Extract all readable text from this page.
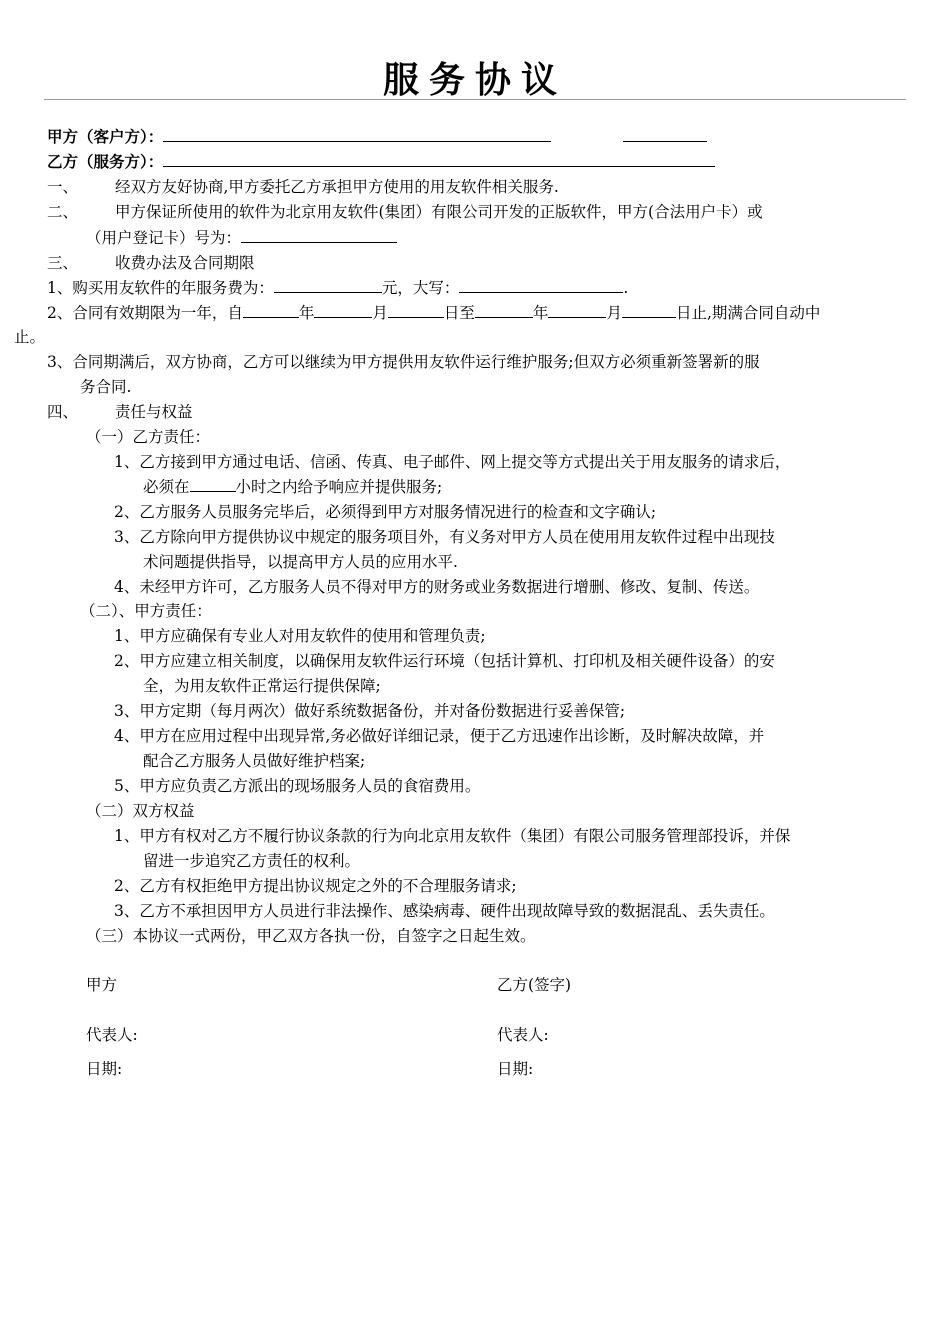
服务协议
甲方（客户方）：
乙方（服务方）：
一、 经双方友好协商,甲方委托乙方承担甲方使用的用友软件相关服务.
二、 甲方保证所使用的软件为北京用友软件(集团）有限公司开发的正版软件，甲方(合法用户卡）或
（用户登记卡）号为：
三、 收费办法及合同期限
1、购买用友软件的年服务费为：	元，大写：	.
2、合同有效期限为一年，自	年	月	日至	年	月	日止,期满合同自动中
止。
3、合同期满后，双方协商，乙方可以继续为甲方提供用友软件运行维护服务;但双方必须重新签署新的服
务合同.
四、 责任与权益
（一）乙方责任：
1、乙方接到甲方通过电话、信函、传真、电子邮件、网上提交等方式提出关于用友服务的请求后，
必须在	小时之内给予响应并提供服务;
2、乙方服务人员服务完毕后，必须得到甲方对服务情况进行的检查和文字确认;
3、乙方除向甲方提供协议中规定的服务项目外，有义务对甲方人员在使用用友软件过程中出现技
术问题提供指导，以提高甲方人员的应用水平.
4、未经甲方许可，乙方服务人员不得对甲方的财务或业务数据进行增删、修改、复制、传送。
（二）、甲方责任：
1、甲方应确保有专业人对用友软件的使用和管理负责;
2、甲方应建立相关制度，以确保用友软件运行环境（包括计算机、打印机及相关硬件设备）的安
全，为用友软件正常运行提供保障;
3、甲方定期（每月两次）做好系统数据备份，并对备份数据进行妥善保管;
4、甲方在应用过程中出现异常,务必做好详细记录，便于乙方迅速作出诊断，及时解决故障，并
配合乙方服务人员做好维护档案;
5、甲方应负责乙方派出的现场服务人员的食宿费用。
（二）双方权益
1、甲方有权对乙方不履行协议条款的行为向北京用友软件（集团）有限公司服务管理部投诉，并保
留进一步追究乙方责任的权利。
2、乙方有权拒绝甲方提出协议规定之外的不合理服务请求;
3、乙方不承担因甲方人员进行非法操作、感染病毒、硬件出现故障导致的数据混乱、丢失责任。
（三）本协议一式两份，甲乙双方各执一份，自签字之日起生效。
甲方	乙方(签字)
代表人:	代表人:
日期:	日期:
